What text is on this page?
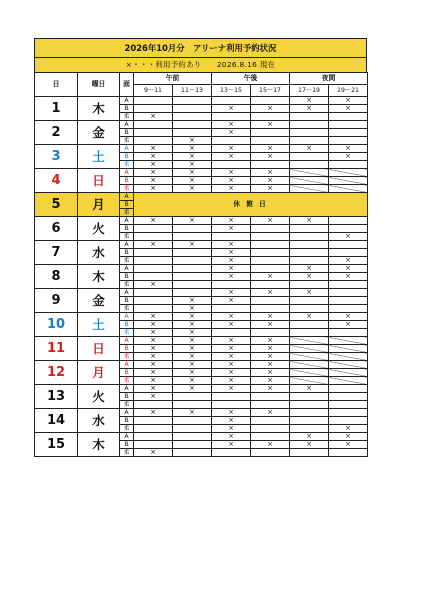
2026年10月分　アリーナ利用予約状況
×・・・利用予約あり　　2026.8.16 現在
日	曜日	面	午前		午後		夜間	
			9～11	11～13	13～15	15～17	17～19	19～21
1	木	A					×	×
		B			×	×	×	×
		柔	×					
2	金	A			×	×		
		B			×			
		柔		×				
3	土	A	×	×	×	×	×	×
		B	×	×	×	×		×
		柔	×	×				
4	日	A	×	×	×	×		
		B	×	×	×	×		
		柔	×	×	×	×		
5	月	A	休 館 日					
		B						
		柔						
6	火	A	×	×	×	×	×	
		B			×			
		柔						×
7	水	A	×	×	×			
		B			×			
		柔			×			×
8	木	A			×		×	×
		B			×	×	×	×
		柔	×					
9	金	A			×	×	×	
		B		×	×			
		柔		×				
10	土	A	×	×	×	×	×	×
		B	×	×	×	×		×
		柔	×	×				
11	日	A	×	×	×	×		
		B	×	×	×	×		
		柔	×	×	×	×		
12	月	A	×	×	×	×		
		B	×	×	×	×		
		柔	×	×	×	×		
13	火	A	×	×	×	×	×	
		B	×					
		柔						
14	水	A	×	×	×	×		
		B			×			
		柔			×			×
15	木	A			×		×	×
		B			×	×	×	×
		柔	×					
